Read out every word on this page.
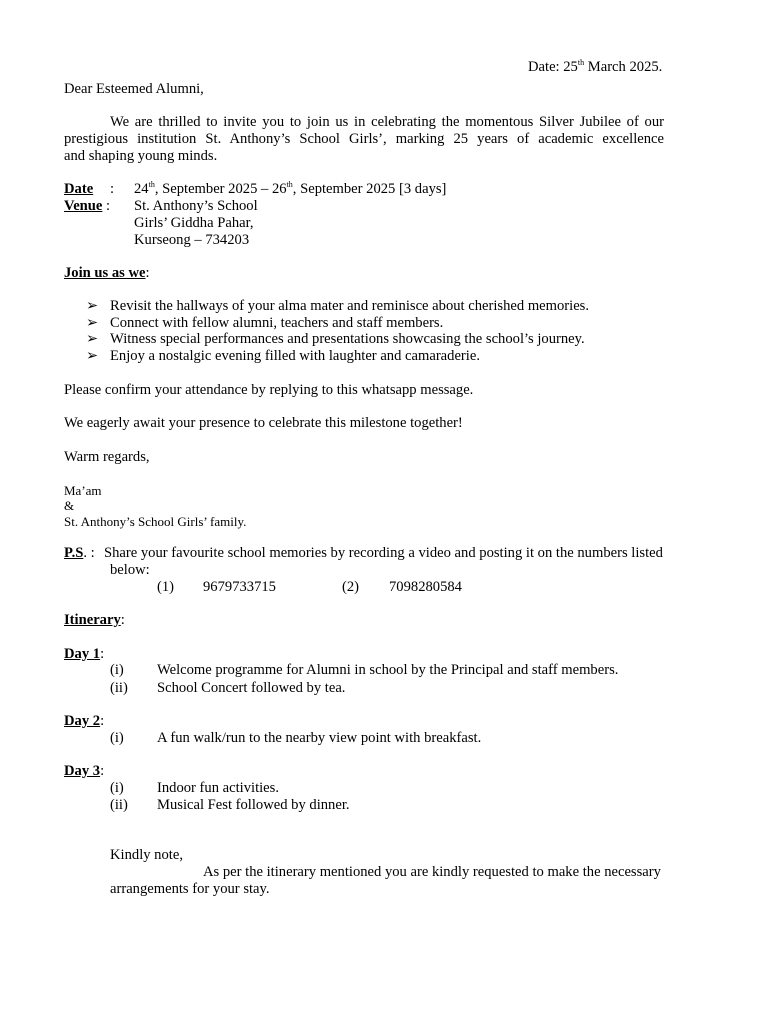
Date: 25th March 2025.
Dear Esteemed Alumni,
We are thrilled to invite you to join us in celebrating the momentous Silver Jubilee of our
prestigious institution St. Anthony’s School Girls’, marking 25 years of academic excellence
and shaping young minds.
Date : 24th, September 2025 – 26th, September 2025 [3 days]
Venue : St. Anthony’s School
Girls’ Giddha Pahar,
Kurseong – 734203
Join us as we:
➢ Revisit the hallways of your alma mater and reminisce about cherished memories.
➢ Connect with fellow alumni, teachers and staff members.
➢ Witness special performances and presentations showcasing the school’s journey.
➢ Enjoy a nostalgic evening filled with laughter and camaraderie.
Please confirm your attendance by replying to this whatsapp message.
We eagerly await your presence to celebrate this milestone together!
Warm regards,
Ma’am
&
St. Anthony’s School Girls’ family.
P.S. : Share your favourite school memories by recording a video and posting it on the numbers listed
below:
(1) 9679733715	(2) 7098280584
Itinerary:
Day 1:
(i) Welcome programme for Alumni in school by the Principal and staff members.
(ii) School Concert followed by tea.
Day 2:
(i) A fun walk/run to the nearby view point with breakfast.
Day 3:
(i) Indoor fun activities.
(ii) Musical Fest followed by dinner.
Kindly note,
As per the itinerary mentioned you are kindly requested to make the necessary
arrangements for your stay.
